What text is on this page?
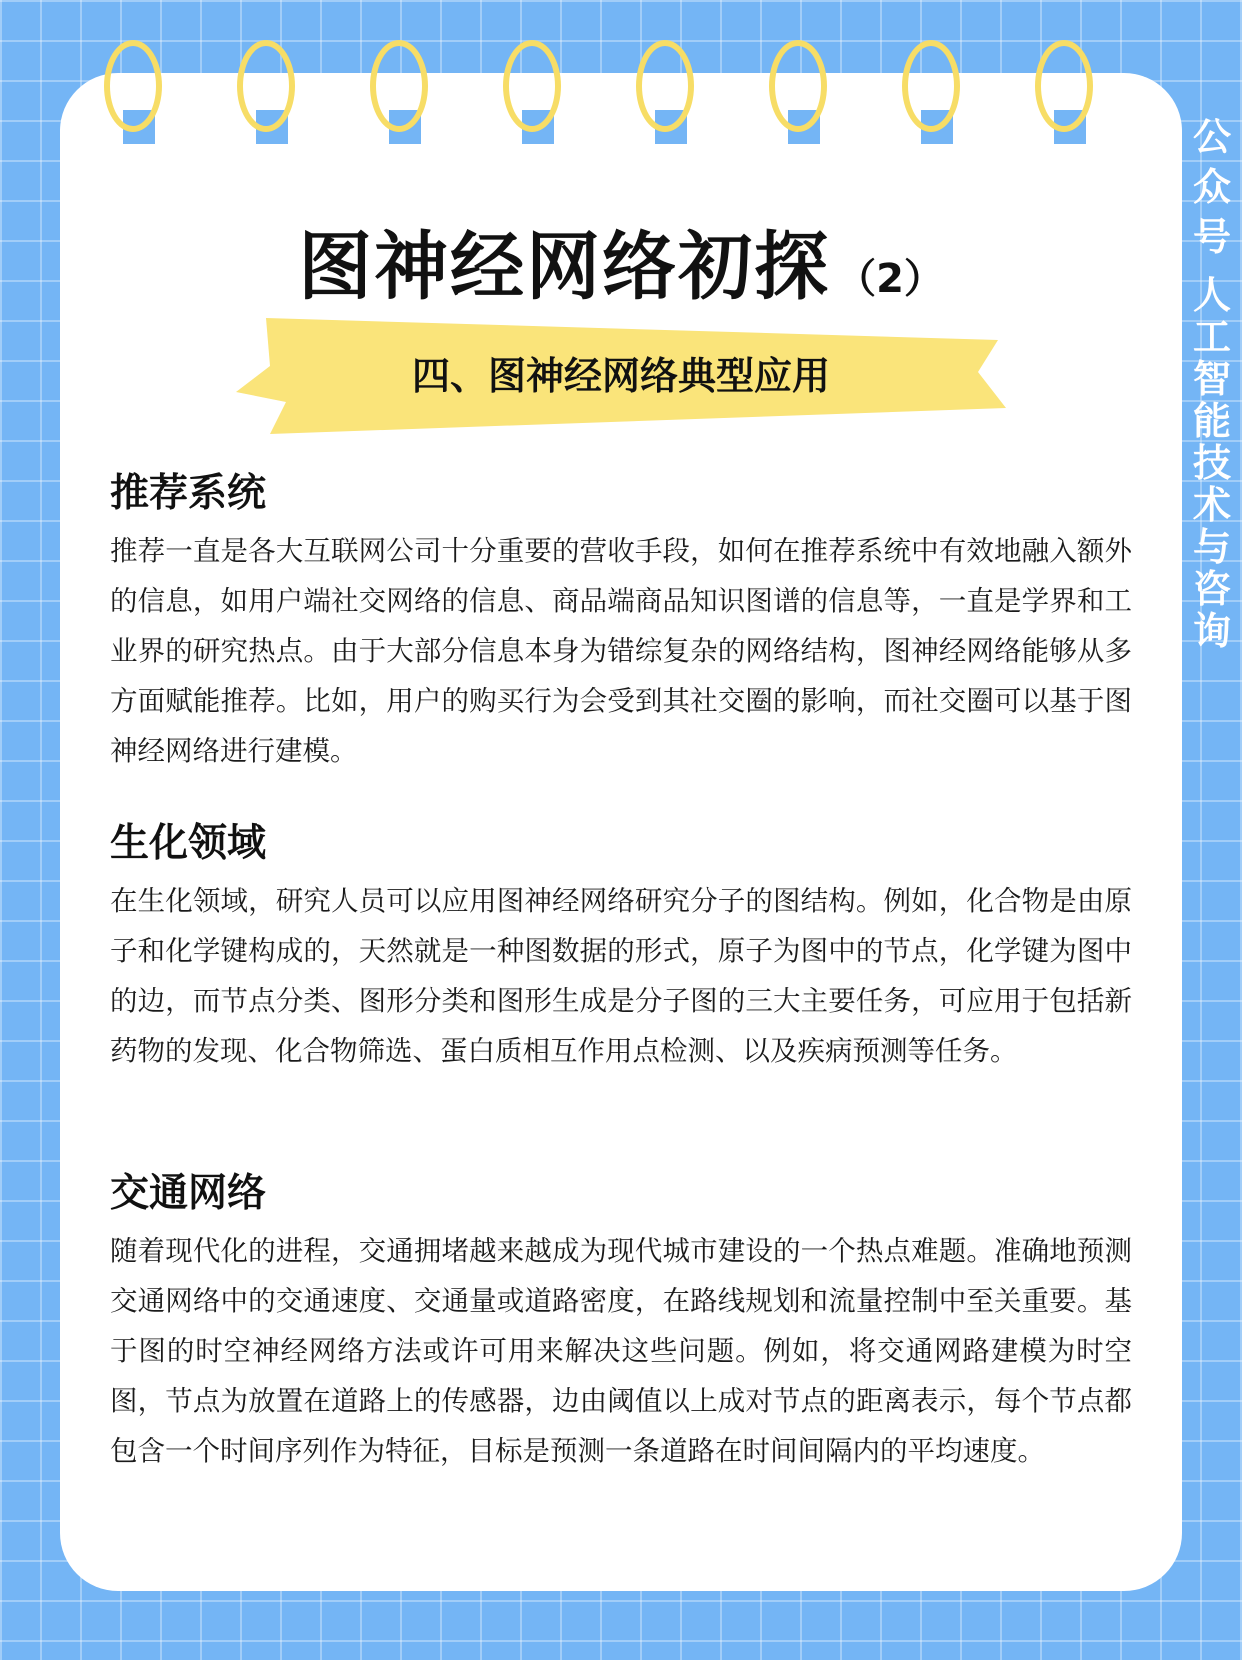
公
众
号
人
工
智
能
技
术
与
咨
询
图神经网络初探 （2）
四、图神经网络典型应用
推荐系统

推荐一直是各大互联网公司十分重要的营收手段，如何在推荐系统中有效地融入额外的信息，如用户端社交网络的信息、商品端商品知识图谱的信息等，一直是学界和工业界的研究热点。由于大部分信息本身为错综复杂的网络结构，图神经网络能够从多方面赋能推荐。比如，用户的购买行为会受到其社交圈的影响，而社交圈可以基于图神经网络进行建模。

生化领域

在生化领域，研究人员可以应用图神经网络研究分子的图结构。例如，化合物是由原子和化学键构成的，天然就是一种图数据的形式，原子为图中的节点，化学键为图中的边，而节点分类、图形分类和图形生成是分子图的三大主要任务，可应用于包括新药物的发现、化合物筛选、蛋白质相互作用点检测、以及疾病预测等任务。

交通网络

随着现代化的进程，交通拥堵越来越成为现代城市建设的一个热点难题。准确地预测交通网络中的交通速度、交通量或道路密度，在路线规划和流量控制中至关重要。基于图的时空神经网络方法或许可用来解决这些问题。例如，将交通网路建模为时空图，节点为放置在道路上的传感器，边由阈值以上成对节点的距离表示，每个节点都包含一个时间序列作为特征，目标是预测一条道路在时间间隔内的平均速度。
